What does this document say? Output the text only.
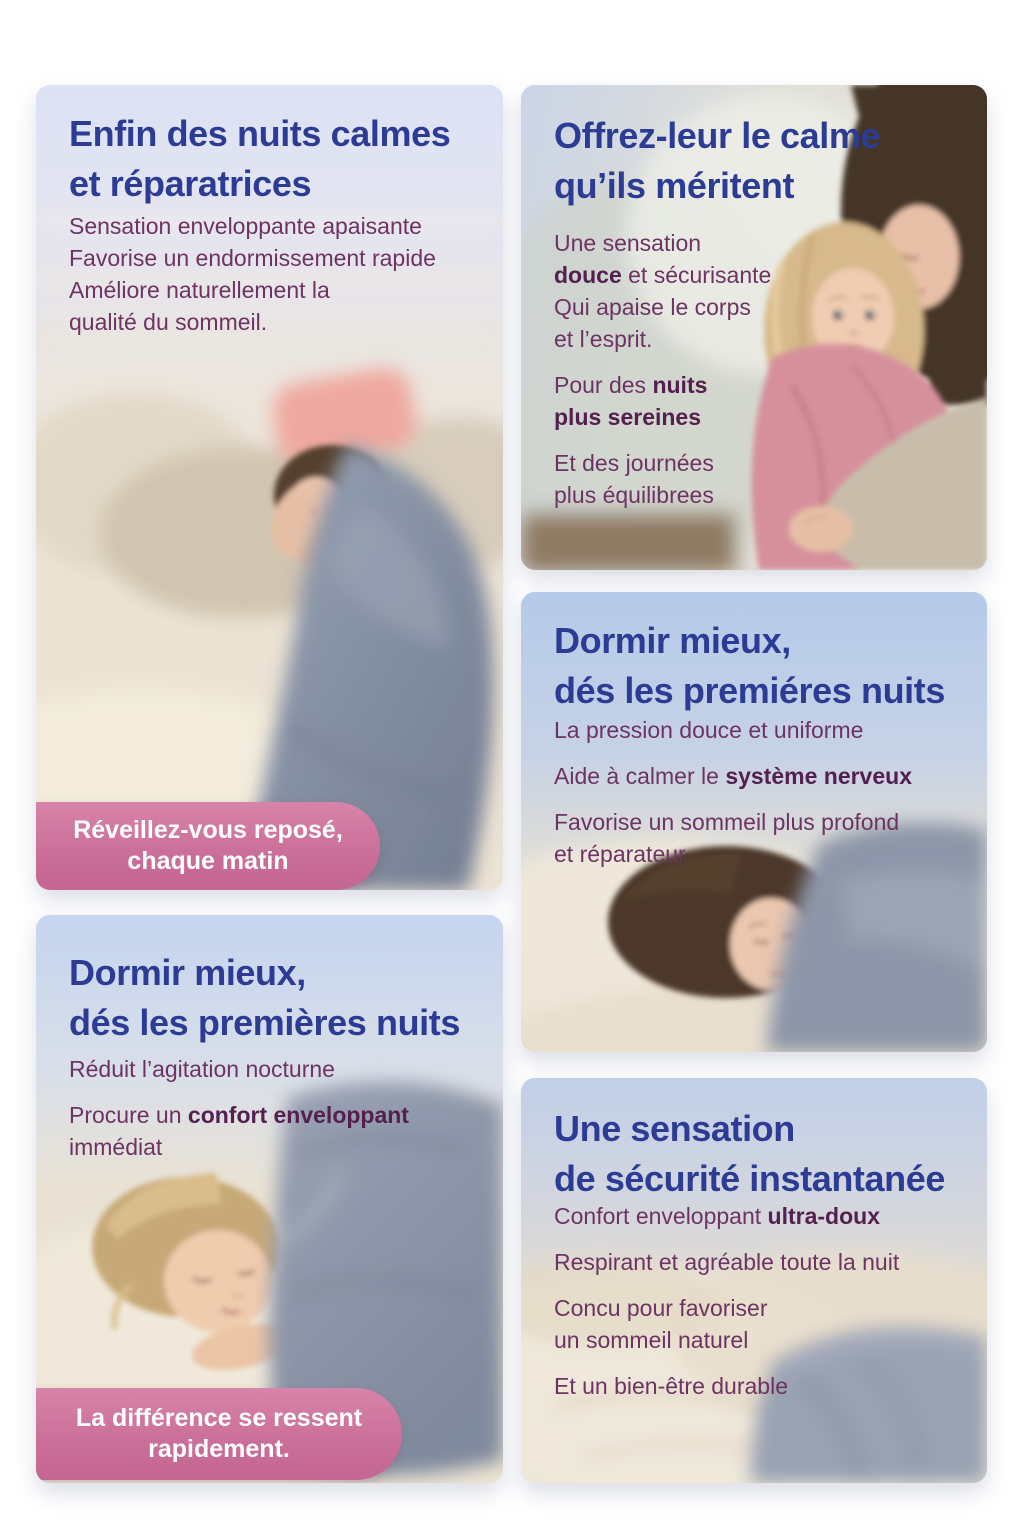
Enfin des nuits calmes
et réparatrices
Sensation enveloppante apaisante
Favorise un endormissement rapide
Améliore naturellement la
qualité du sommeil.
Réveillez-vous reposé,
chaque matin
Offrez-leur le calme
qu’ils méritent
Une sensation
douce et sécurisante
Qui apaise le corps
et l’esprit.
Pour des nuits
plus sereines
Et des journées
plus équilibrees
Dormir mieux,
dés les premiéres nuits
La pression douce et uniforme
Aide à calmer le système nerveux
Favorise un sommeil plus profond
et réparateur
Dormir mieux,
dés les premières nuits
Réduit l’agitation nocturne
Procure un confort enveloppant
immédiat
La différence se ressent
rapidement.
Une sensation
de sécurité instantanée
Confort enveloppant ultra-doux
Respirant et agréable toute la nuit
Concu pour favoriser
un sommeil naturel
Et un bien-être durable
